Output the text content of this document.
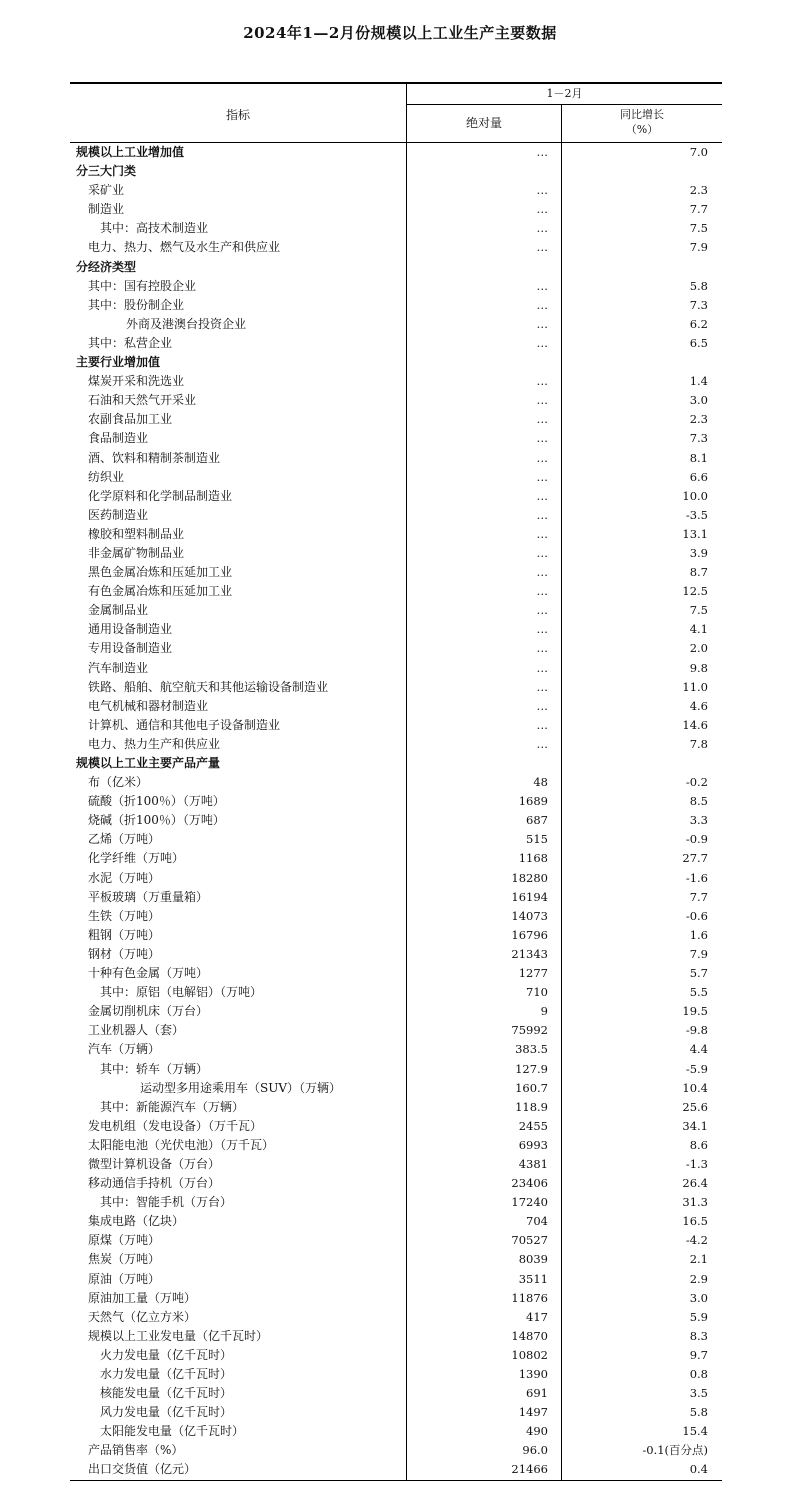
2024年1—2月份规模以上工业生产主要数据
指标
1－2月
绝对量
同比增长
（%）
规模以上工业增加值	…	7.0
分三大门类
采矿业	…	2.3
制造业	…	7.7
其中：高技术制造业	…	7.5
电力、热力、燃气及水生产和供应业	…	7.9
分经济类型
其中：国有控股企业	…	5.8
其中：股份制企业	…	7.3
外商及港澳台投资企业	…	6.2
其中：私营企业	…	6.5
主要行业增加值
煤炭开采和洗选业	…	1.4
石油和天然气开采业	…	3.0
农副食品加工业	…	2.3
食品制造业	…	7.3
酒、饮料和精制茶制造业	…	8.1
纺织业	…	6.6
化学原料和化学制品制造业	…	10.0
医药制造业	…	-3.5
橡胶和塑料制品业	…	13.1
非金属矿物制品业	…	3.9
黑色金属冶炼和压延加工业	…	8.7
有色金属冶炼和压延加工业	…	12.5
金属制品业	…	7.5
通用设备制造业	…	4.1
专用设备制造业	…	2.0
汽车制造业	…	9.8
铁路、船舶、航空航天和其他运输设备制造业	…	11.0
电气机械和器材制造业	…	4.6
计算机、通信和其他电子设备制造业	…	14.6
电力、热力生产和供应业	…	7.8
规模以上工业主要产品产量
布（亿米）	48	-0.2
硫酸（折100％）（万吨）	1689	8.5
烧碱（折100％）（万吨）	687	3.3
乙烯（万吨）	515	-0.9
化学纤维（万吨）	1168	27.7
水泥（万吨）	18280	-1.6
平板玻璃（万重量箱）	16194	7.7
生铁（万吨）	14073	-0.6
粗钢（万吨）	16796	1.6
钢材（万吨）	21343	7.9
十种有色金属（万吨）	1277	5.7
其中：原铝（电解铝）（万吨）	710	5.5
金属切削机床（万台）	9	19.5
工业机器人（套）	75992	-9.8
汽车（万辆）	383.5	4.4
其中：轿车（万辆）	127.9	-5.9
运动型多用途乘用车（SUV）（万辆）	160.7	10.4
其中：新能源汽车（万辆）	118.9	25.6
发电机组（发电设备）（万千瓦）	2455	34.1
太阳能电池（光伏电池）（万千瓦）	6993	8.6
微型计算机设备（万台）	4381	-1.3
移动通信手持机（万台）	23406	26.4
其中：智能手机（万台）	17240	31.3
集成电路（亿块）	704	16.5
原煤（万吨）	70527	-4.2
焦炭（万吨）	8039	2.1
原油（万吨）	3511	2.9
原油加工量（万吨）	11876	3.0
天然气（亿立方米）	417	5.9
规模以上工业发电量（亿千瓦时）	14870	8.3
火力发电量（亿千瓦时）	10802	9.7
水力发电量（亿千瓦时）	1390	0.8
核能发电量（亿千瓦时）	691	3.5
风力发电量（亿千瓦时）	1497	5.8
太阳能发电量（亿千瓦时）	490	15.4
产品销售率（%）	96.0	-0.1(百分点)
出口交货值（亿元）	21466	0.4
